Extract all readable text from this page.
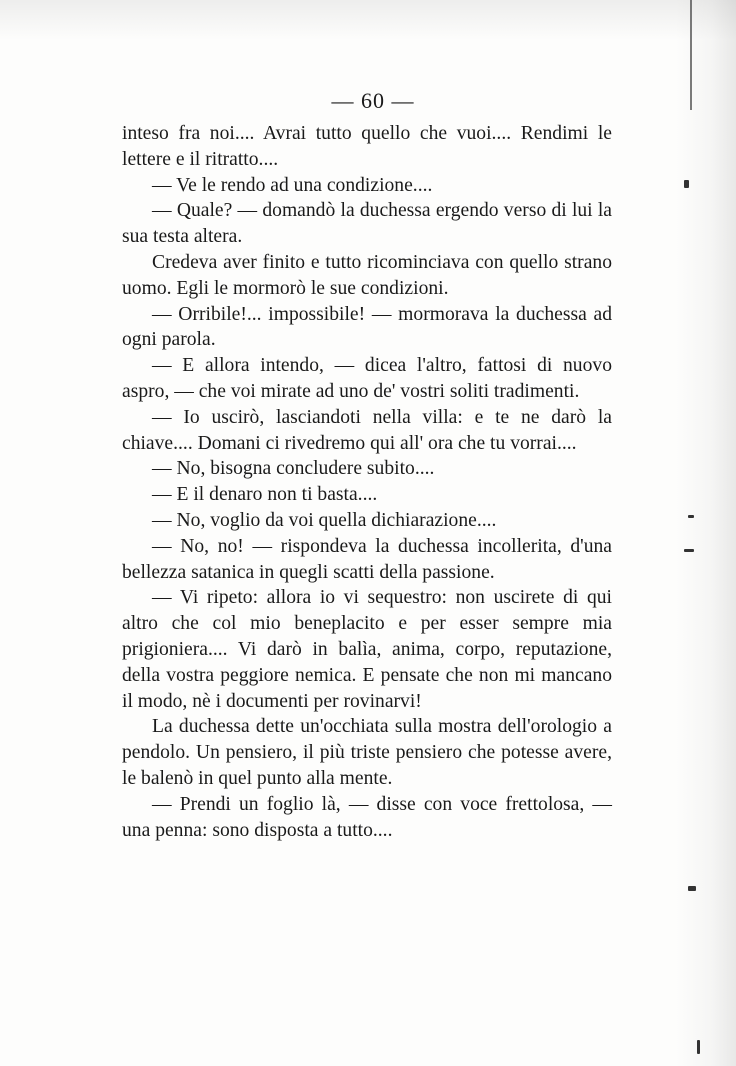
— 60 —

inteso fra noi.... Avrai tutto quello che vuoi.... Rendimi le lettere e il ritratto....

— Ve le rendo ad una condizione....

— Quale? — domandò la duchessa ergendo verso di lui la sua testa altera.

Credeva aver finito e tutto ricominciava con quello strano uomo. Egli le mormorò le sue condizioni.

— Orribile!... impossibile! — mormorava la duchessa ad ogni parola.

— E allora intendo, — dicea l'altro, fattosi di nuovo aspro, — che voi mirate ad uno de' vostri soliti tradimenti.

— Io uscirò, lasciandoti nella villa: e te ne darò la chiave.... Domani ci rivedremo qui all' ora che tu vorrai....

— No, bisogna concludere subito....

— E il denaro non ti basta....

— No, voglio da voi quella dichiarazione....

— No, no! — rispondeva la duchessa incollerita, d'una bellezza satanica in quegli scatti della passione.

— Vi ripeto: allora io vi sequestro: non uscirete di qui altro che col mio beneplacito e per esser sempre mia prigioniera.... Vi darò in balìa, anima, corpo, reputazione, della vostra peggiore nemica. E pensate che non mi mancano il modo, nè i documenti per rovinarvi!

La duchessa dette un'occhiata sulla mostra dell'orologio a pendolo. Un pensiero, il più triste pensiero che potesse avere, le balenò in quel punto alla mente.

— Prendi un foglio là, — disse con voce frettolosa, — una penna: sono disposta a tutto....
